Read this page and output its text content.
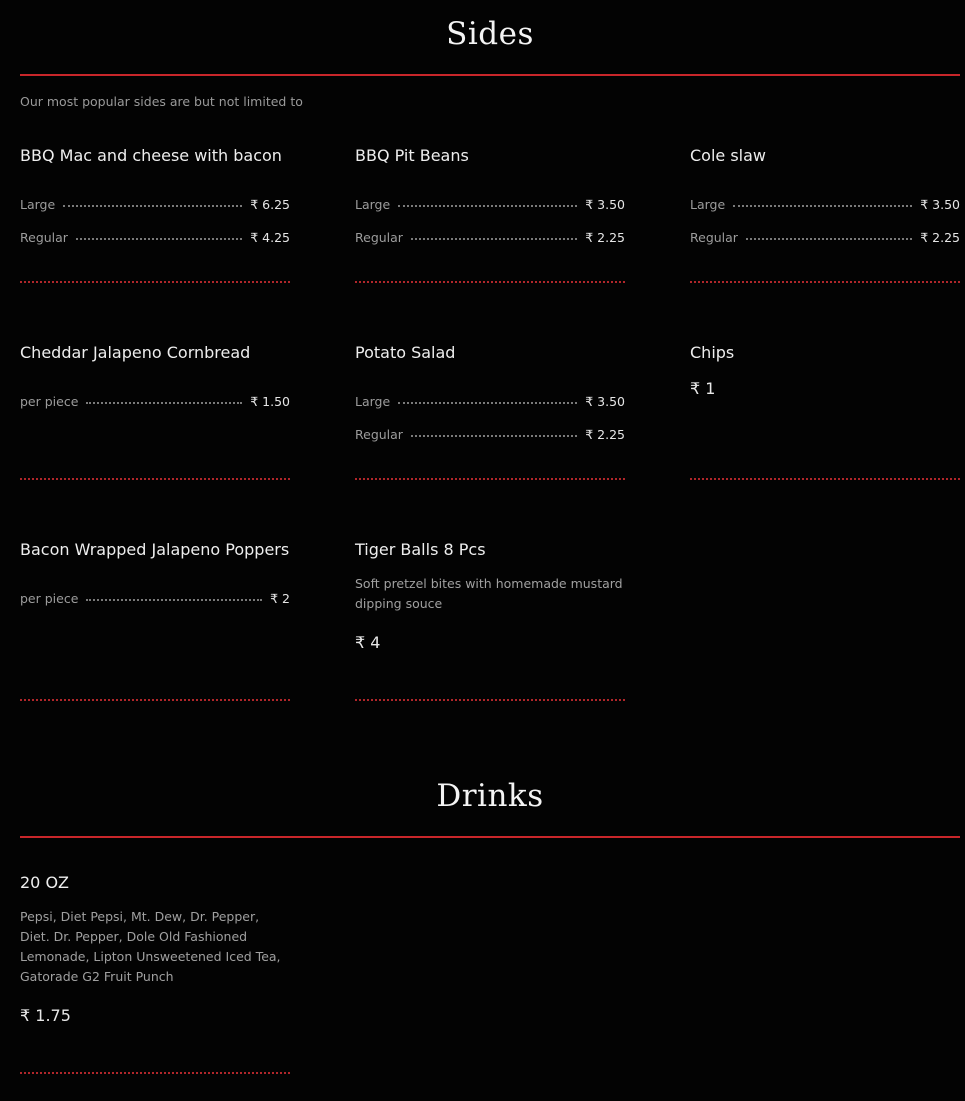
Sides
Our most popular sides are but not limited to
BBQ Mac and cheese with bacon
Large	₹ 6.25
Regular	₹ 4.25
BBQ Pit Beans
Large	₹ 3.50
Regular	₹ 2.25
Cole slaw
Large	₹ 3.50
Regular	₹ 2.25
Cheddar Jalapeno Cornbread
per piece	₹ 1.50
Potato Salad
Large	₹ 3.50
Regular	₹ 2.25
Chips
₹ 1
Bacon Wrapped Jalapeno Poppers
per piece	₹ 2
Tiger Balls 8 Pcs
Soft pretzel bites with homemade mustard dipping souce
₹ 4
Drinks
20 OZ
Pepsi, Diet Pepsi, Mt. Dew, Dr. Pepper, Diet. Dr. Pepper, Dole Old Fashioned Lemonade, Lipton Unsweetened Iced Tea, Gatorade G2 Fruit Punch
₹ 1.75
